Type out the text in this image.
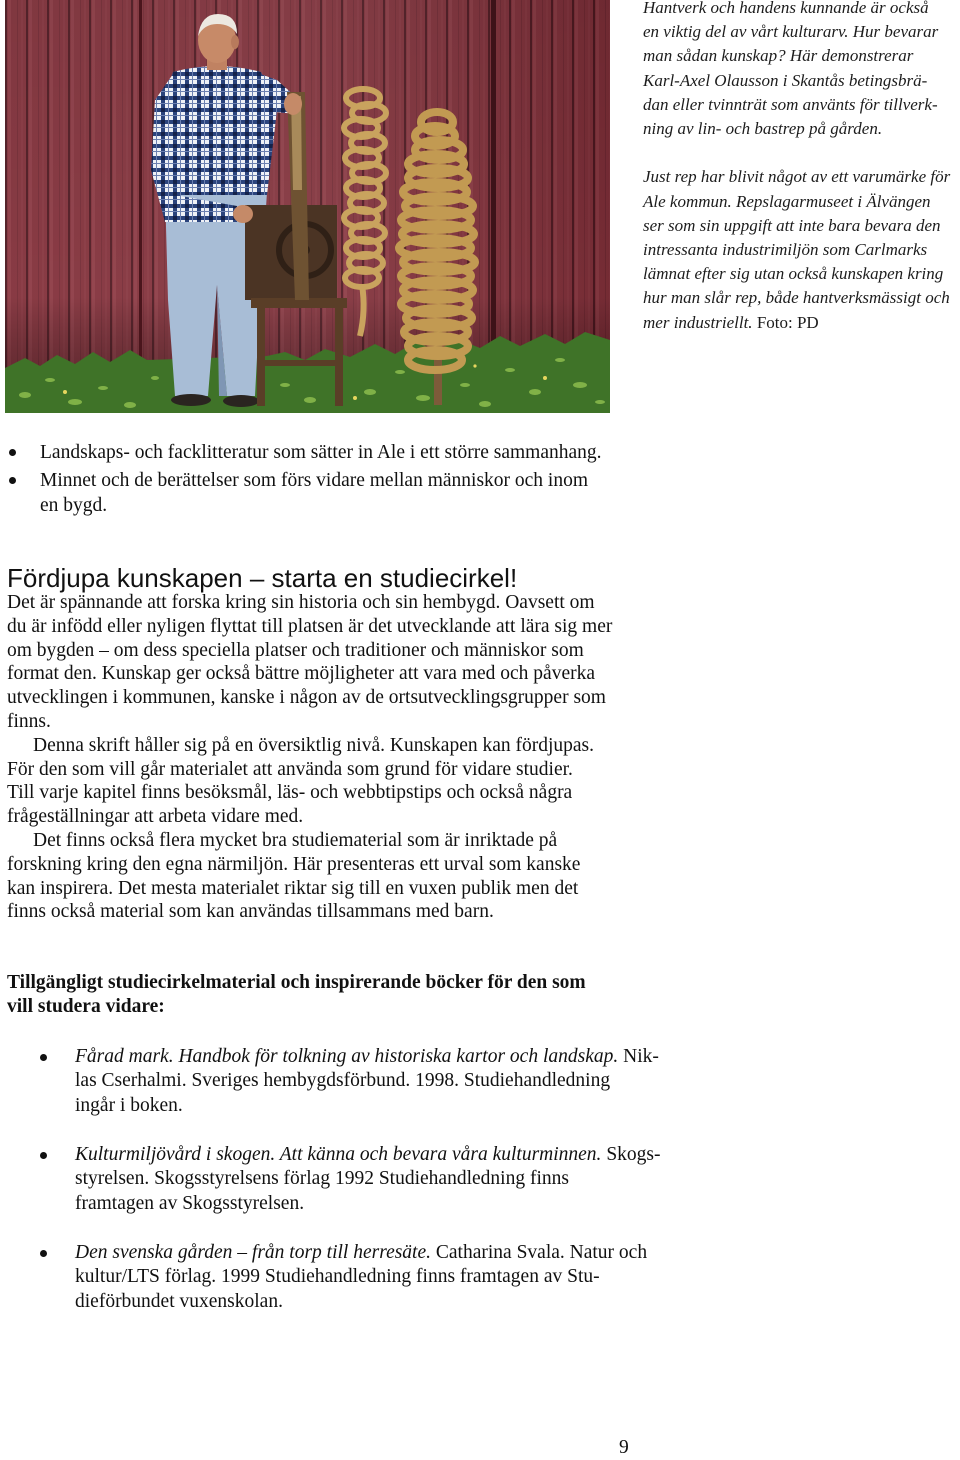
Hantverk och handens kunnande är också
en viktig del av vårt kulturarv. Hur bevarar
man sådan kunskap? Här demonstrerar
Karl-Axel Olausson i Skantås betingsbrä-
dan eller tvinnträt som använts för tillverk-
ning av lin- och bastrep på gården.
Just rep har blivit något av ett varumärke för
Ale kommun. Repslagarmuseet i Älvängen
ser som sin uppgift att inte bara bevara den
intressanta industrimiljön som Carlmarks
lämnat efter sig utan också kunskapen kring
hur man slår rep, både hantverksmässigt och
mer industriellt. Foto: PD
Landskaps- och facklitteratur som sätter in Ale i ett större sammanhang.
Minnet och de berättelser som förs vidare mellan människor och inom
en bygd.
Fördjupa kunskapen – starta en studiecirkel!
Det är spännande att forska kring sin historia och sin hembygd. Oavsett om
du är infödd eller nyligen flyttat till platsen är det utvecklande att lära sig mer
om bygden – om dess speciella platser och traditioner och människor som
format den. Kunskap ger också bättre möjligheter att vara med och påverka
utvecklingen i kommunen, kanske i någon av de ortsutvecklingsgrupper som
finns.
Denna skrift håller sig på en översiktlig nivå. Kunskapen kan fördjupas.
För den som vill går materialet att använda som grund för vidare studier.
Till varje kapitel finns besöksmål, läs- och webbtipstips och också några
frågeställningar att arbeta vidare med.
Det finns också flera mycket bra studiematerial som är inriktade på
forskning kring den egna närmiljön. Här presenteras ett urval som kanske
kan inspirera. Det mesta materialet riktar sig till en vuxen publik men det
finns också material som kan användas tillsammans med barn.
Tillgängligt studiecirkelmaterial och inspirerande böcker för den som
vill studera vidare:
Fårad mark. Handbok för tolkning av historiska kartor och landskap. Nik-
las Cserhalmi. Sveriges hembygdsförbund. 1998. Studiehandledning
ingår i boken.
Kulturmiljövård i skogen. Att känna och bevara våra kulturminnen. Skogs-
styrelsen. Skogsstyrelsens förlag 1992 Studiehandledning finns
framtagen av Skogsstyrelsen.
Den svenska gården – från torp till herresäte. Catharina Svala. Natur och
kultur/LTS förlag. 1999 Studiehandledning finns framtagen av Stu-
dieförbundet vuxenskolan.
9
